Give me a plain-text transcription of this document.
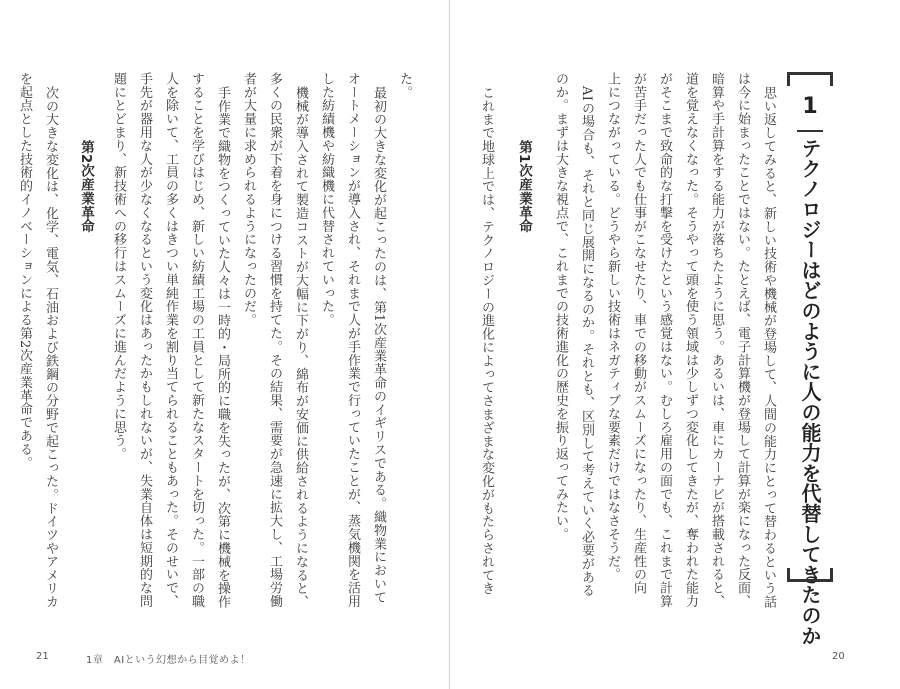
1
テクノロジーはどのように人の能力を代替してきたのか
思い返してみると、新しい技術や機械が登場して、人間の能力にとって替わるという話
は今に始まったことではない。たとえば、電子計算機が登場して計算が楽になった反面、
暗算や手計算をする能力が落ちたように思う。あるいは、車にカーナビが搭載されると、
道を覚えなくなった。そうやって頭を使う領域は少しずつ変化してきたが、奪われた能力
がそこまで致命的な打撃を受けたという感覚はない。むしろ雇用の面でも、これまで計算
が苦手だった人でも仕事がこなせたり、車での移動がスムーズになったり、生産性の向
上につながっている。どうやら新しい技術はネガティブな要素だけではなさそうだ。
AIの場合も、それと同じ展開になるのか。それとも、区別して考えていく必要がある
のか。まずは大きな視点で、これまでの技術進化の歴史を振り返ってみたい。
第1次産業革命
これまで地球上では、テクノロジーの進化によってさまざまな変化がもたらされてき
20
た。
最初の大きな変化が起こったのは、第1次産業革命のイギリスである。織物業において
オートメーションが導入され、それまで人が手作業で行っていたことが、蒸気機関を活用
した紡績機や紡織機に代替されていった。
機械が導入されて製造コストが大幅に下がり、綿布が安価に供給されるようになると、
多くの民衆が下着を身につける習慣を持てた。その結果、需要が急速に拡大し、工場労働
者が大量に求められるようになったのだ。
手作業で織物をつくっていた人々は一時的・局所的に職を失ったが、次第に機械を操作
することを学びはじめ、新しい紡績工場の工員として新たなスタートを切った。一部の職
人を除いて、工員の多くはきつい単純作業を割り当てられることもあった。そのせいで、
手先が器用な人が少なくなるという変化はあったかもしれないが、失業自体は短期的な問
題にとどまり、新技術への移行はスムーズに進んだように思う。
第2次産業革命
次の大きな変化は、化学、電気、石油および鉄鋼の分野で起こった。ドイツやアメリカ
を起点とした技術的イノベーションによる第2次産業革命である。
21	1章　AIという幻想から目覚めよ！
